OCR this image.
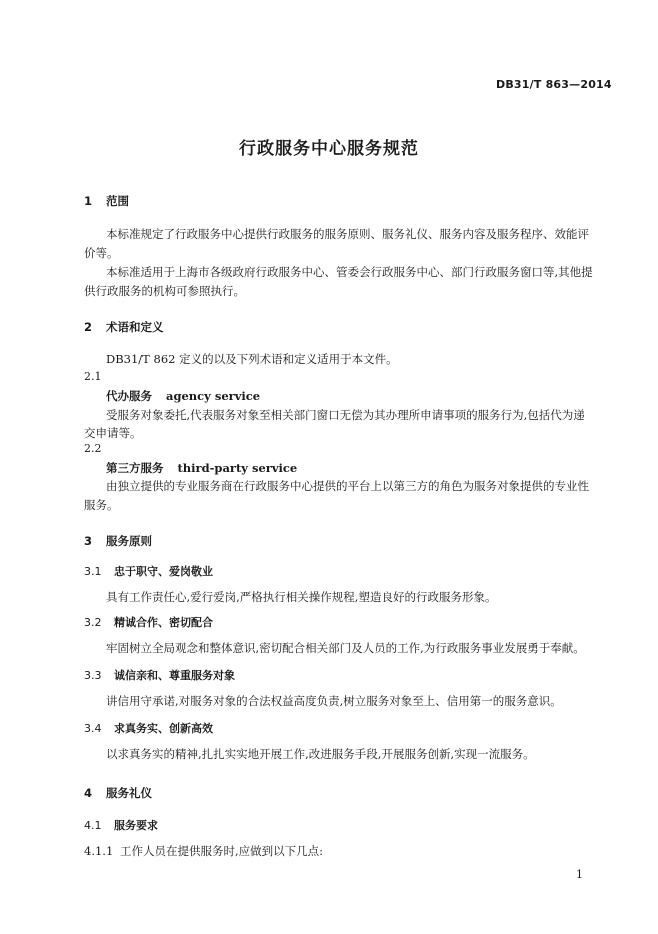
DB31/T 863—2014
行政服务中心服务规范
1 范围
本标准规定了行政服务中心提供行政服务的服务原则、服务礼仪、服务内容及服务程序、效能评
价等。
本标准适用于上海市各级政府行政服务中心、管委会行政服务中心、部门行政服务窗口等,其他提
供行政服务的机构可参照执行。
2 术语和定义
DB31/T 862 定义的以及下列术语和定义适用于本文件。
2.1
代办服务 agency service
受服务对象委托,代表服务对象至相关部门窗口无偿为其办理所申请事项的服务行为,包括代为递
交申请等。
2.2
第三方服务 third-party service
由独立提供的专业服务商在行政服务中心提供的平台上以第三方的角色为服务对象提供的专业性
服务。
3 服务原则
3.1 忠于职守、爱岗敬业
具有工作责任心,爱行爱岗,严格执行相关操作规程,塑造良好的行政服务形象。
3.2 精诚合作、密切配合
牢固树立全局观念和整体意识,密切配合相关部门及人员的工作,为行政服务事业发展勇于奉献。
3.3 诚信亲和、尊重服务对象
讲信用守承诺,对服务对象的合法权益高度负责,树立服务对象至上、信用第一的服务意识。
3.4 求真务实、创新高效
以求真务实的精神,扎扎实实地开展工作,改进服务手段,开展服务创新,实现一流服务。
4 服务礼仪
4.1 服务要求
4.1.1 工作人员在提供服务时,应做到以下几点:
1
